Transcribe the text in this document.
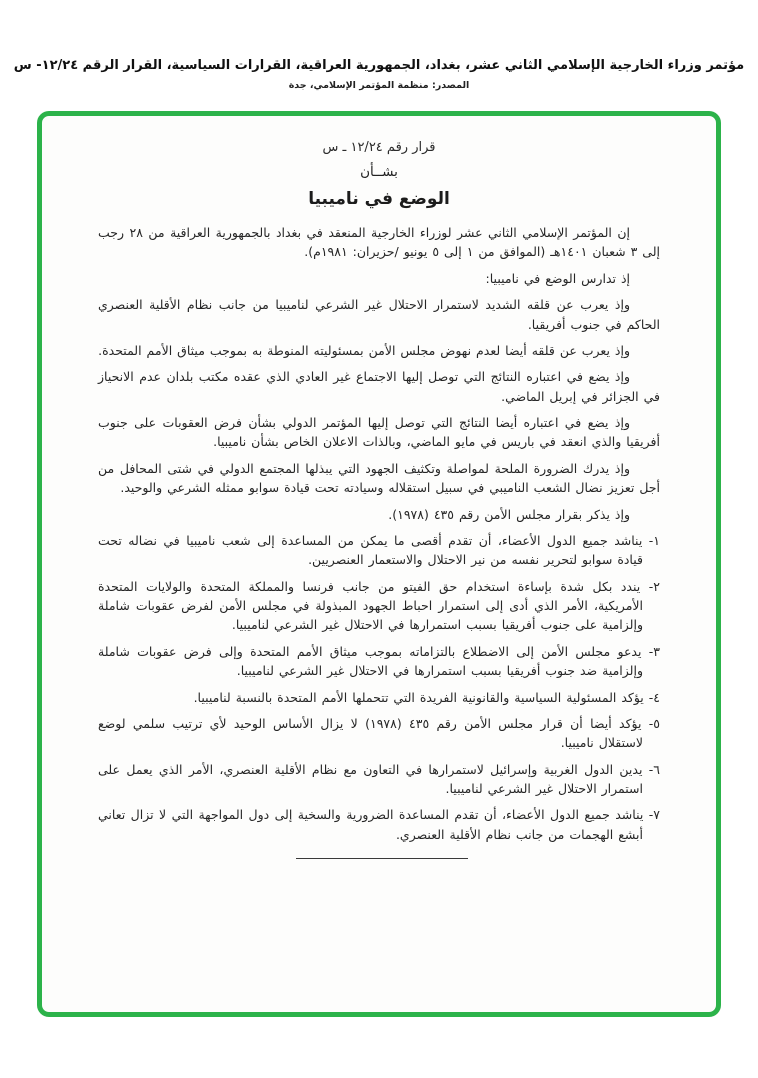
مؤتمر وزراء الخارجية الإسلامي الثاني عشر، بغداد، الجمهورية العراقية، القرارات السياسية، القرار الرقم ١٢/٢٤- س
المصدر: منظمة المؤتمر الإسلامي، جدة
قرار رقم ١٢/٢٤ ـ س
بشــأن
الوضع في ناميبيا

إن المؤتمر الإسلامي الثاني عشر لوزراء الخارجية المنعقد في بغداد بالجمهورية العراقية من ٢٨ رجب إلى ٣ شعبان ١٤٠١هـ (الموافق من ١ إلى ٥ يونيو /حزيران: ١٩٨١م).

إذ تدارس الوضع في ناميبيا:

وإذ يعرب عن قلقه الشديد لاستمرار الاحتلال غير الشرعي لناميبيا من جانب نظام الأقلية العنصري الحاكم في جنوب أفريقيا.

وإذ يعرب عن قلقه أيضا لعدم نهوض مجلس الأمن بمسئوليته المنوطة به بموجب ميثاق الأمم المتحدة.

وإذ يضع في اعتباره النتائج التي توصل إليها الاجتماع غير العادي الذي عقده مكتب بلدان عدم الانحياز في الجزائر في إبريل الماضي.

وإذ يضع في اعتباره أيضا النتائج التي توصل إليها المؤتمر الدولي بشأن فرض العقوبات على جنوب أفريقيا والذي انعقد في باريس في مايو الماضي، وبالذات الاعلان الخاص بشأن ناميبيا.

وإذ يدرك الضرورة الملحة لمواصلة وتكثيف الجهود التي يبذلها المجتمع الدولي في شتى المحافل من أجل تعزيز نضال الشعب الناميبي في سبيل استقلاله وسيادته تحت قيادة سوابو ممثله الشرعي والوحيد.

وإذ يذكر بقرار مجلس الأمن رقم ٤٣٥ (١٩٧٨).

١- يناشد جميع الدول الأعضاء، أن تقدم أقصى ما يمكن من المساعدة إلى شعب ناميبيا في نضاله تحت قيادة سوابو لتحرير نفسه من نير الاحتلال والاستعمار العنصريين.

٢- يندد بكل شدة بإساءة استخدام حق الفيتو من جانب فرنسا والمملكة المتحدة والولايات المتحدة الأمريكية، الأمر الذي أدى إلى استمرار احباط الجهود المبذولة في مجلس الأمن لفرض عقوبات شاملة وإلزامية على جنوب أفريقيا بسبب استمرارها في الاحتلال غير الشرعي لناميبيا.

٣- يدعو مجلس الأمن إلى الاضطلاع بالتزاماته بموجب ميثاق الأمم المتحدة وإلى فرض عقوبات شاملة وإلزامية ضد جنوب أفريقيا بسبب استمرارها في الاحتلال غير الشرعي لناميبيا.

٤- يؤكد المسئولية السياسية والقانونية الفريدة التي تتحملها الأمم المتحدة بالنسبة لناميبيا.

٥- يؤكد أيضا أن قرار مجلس الأمن رقم ٤٣٥ (١٩٧٨) لا يزال الأساس الوحيد لأي ترتيب سلمي لوضع لاستقلال ناميبيا.

٦- يدين الدول الغربية وإسرائيل لاستمرارها في التعاون مع نظام الأقلية العنصري، الأمر الذي يعمل على استمرار الاحتلال غير الشرعي لناميبيا.

٧- يناشد جميع الدول الأعضاء، أن تقدم المساعدة الضرورية والسخية إلى دول المواجهة التي لا تزال تعاني أبشع الهجمات من جانب نظام الأقلية العنصري.
